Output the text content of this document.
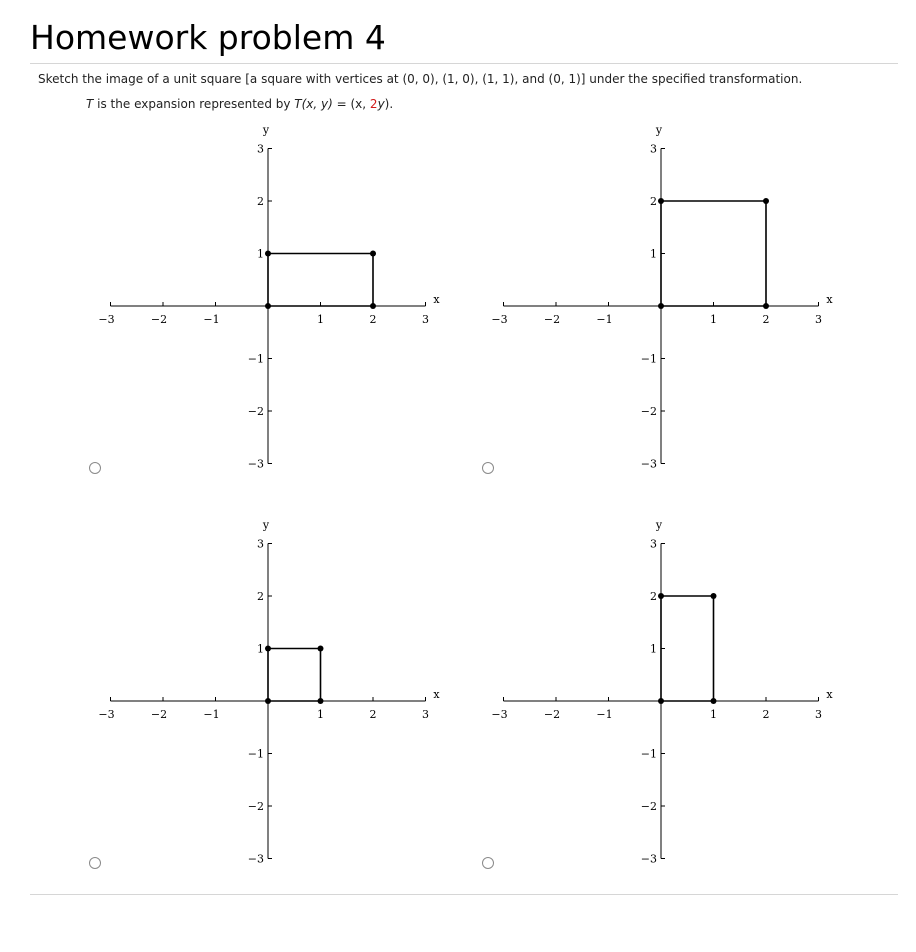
Homework problem 4
Sketch the image of a unit square [a square with vertices at (0, 0), (1, 0), (1, 1), and (0, 1)] under the specified transformation.
T is the expansion represented by T(x, y) = (x, 2y).
−3	−2	−1	1	2	3
3
2
1
−1
−2
−3
x
y
−3	−2	−1	1	2	3
3
2
1
−1
−2
−3
x
y
−3	−2	−1	1	2	3
3
2
1
−1
−2
−3
x
y
−3	−2	−1	1	2	3
3
2
1
−1
−2
−3
x
y
